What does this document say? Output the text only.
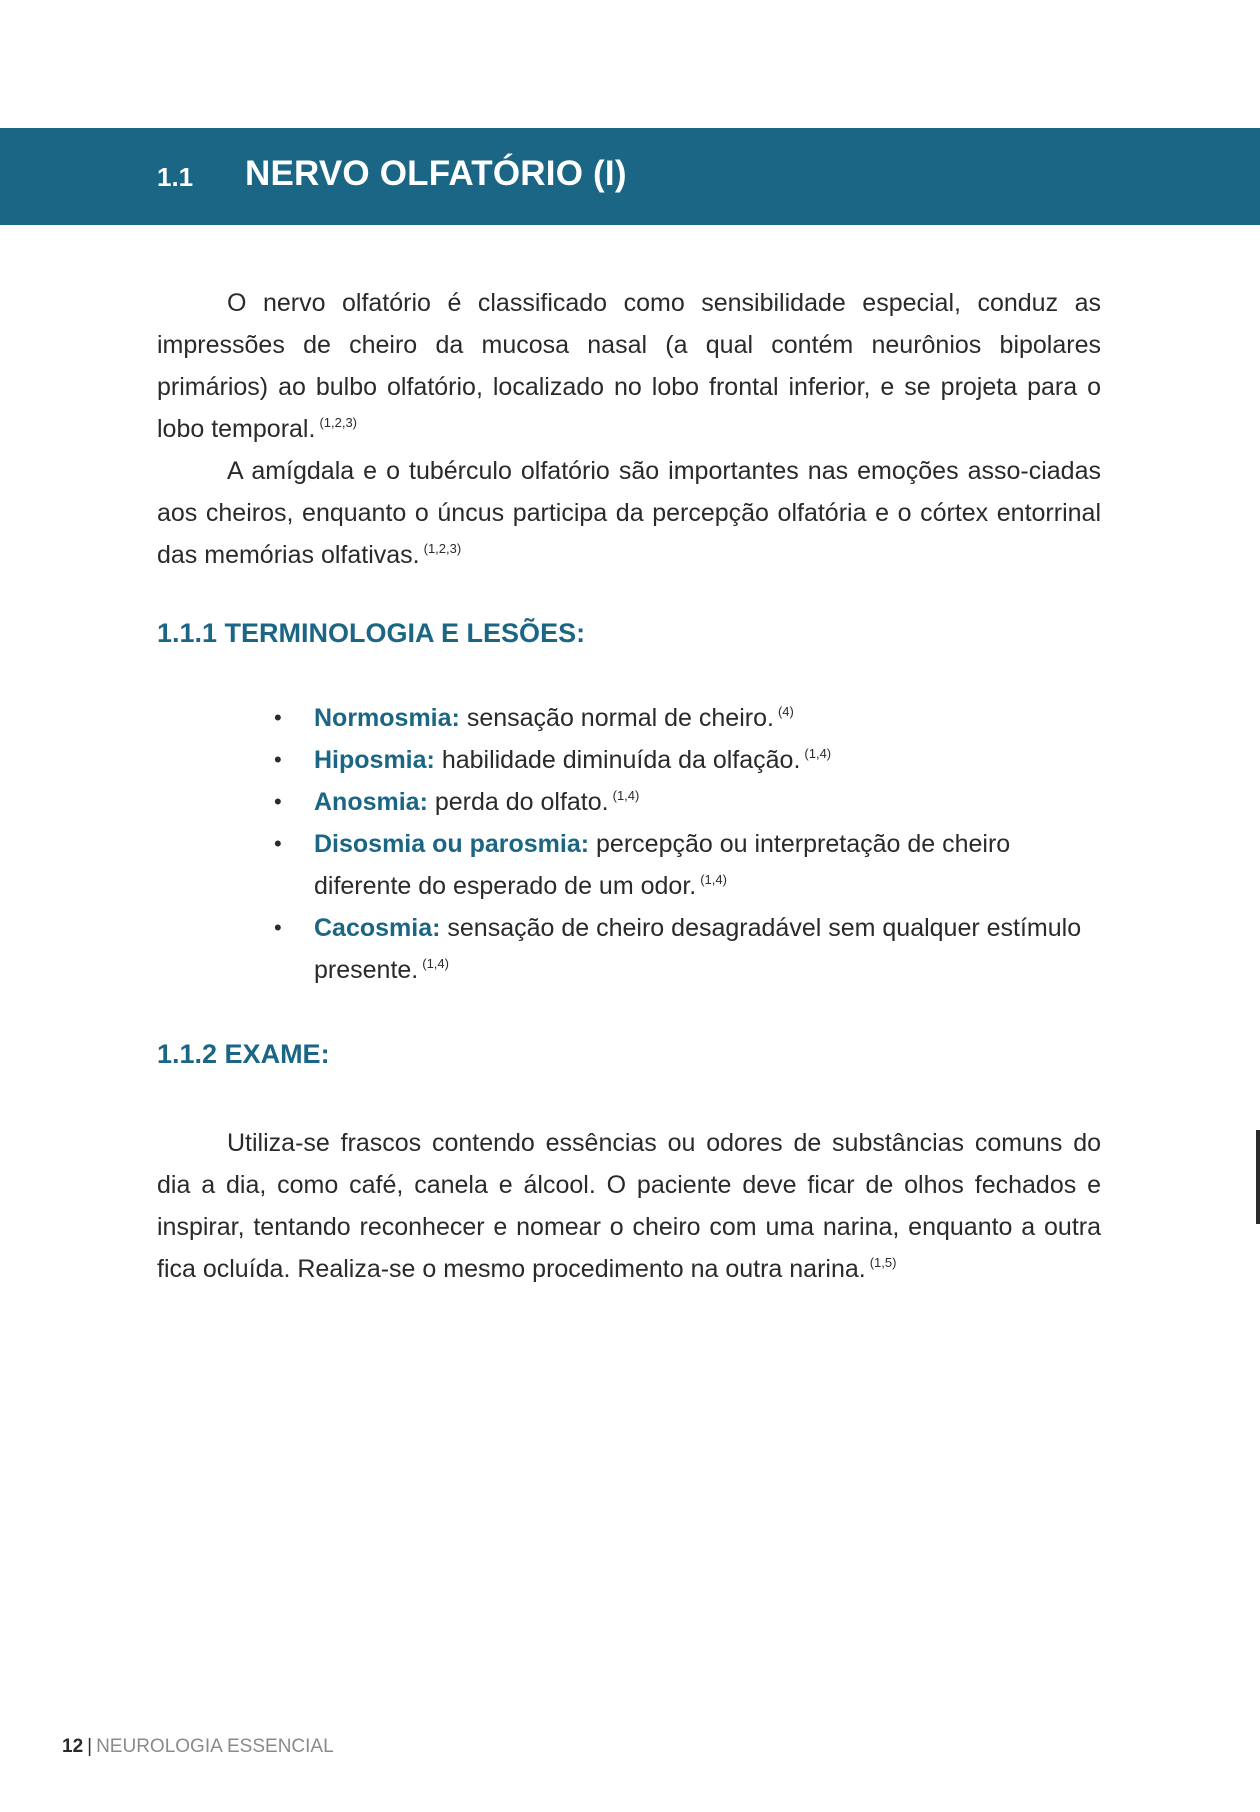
1.1 NERVO OLFATÓRIO (I)

O nervo olfatório é classificado como sensibilidade especial, conduz as impressões de cheiro da mucosa nasal (a qual contém neurônios bipolares primários) ao bulbo olfatório, localizado no lobo frontal inferior, e se projeta para o lobo temporal. $^{(1,2,3)}$

A amígdala e o tubérculo olfatório são importantes nas emoções asso-ciadas aos cheiros, enquanto o úncus participa da percepção olfatória e o córtex entorrinal das memórias olfativas. $^{(1,2,3)}$

1.1.1 TERMINOLOGIA E LESÕES:
• Normosmia: sensação normal de cheiro. $^{(4)}$
• Hiposmia: habilidade diminuída da olfação. $^{(1,4)}$
• Anosmia: perda do olfato. $^{(1,4)}$
• Disosmia ou parosmia: percepção ou interpretação de cheiro diferente do esperado de um odor. $^{(1,4)}$
• Cacosmia: sensação de cheiro desagradável sem qualquer estímulo presente. $^{(1,4)}$
1.1.2 EXAME:

Utiliza-se frascos contendo essências ou odores de substâncias comuns do dia a dia, como café, canela e álcool. O paciente deve ficar de olhos fechados e inspirar, tentando reconhecer e nomear o cheiro com uma narina, enquanto a outra fica ocluída. Realiza-se o mesmo procedimento na outra narina. $^{(1,5)}$

12 | NEUROLOGIA ESSENCIAL
